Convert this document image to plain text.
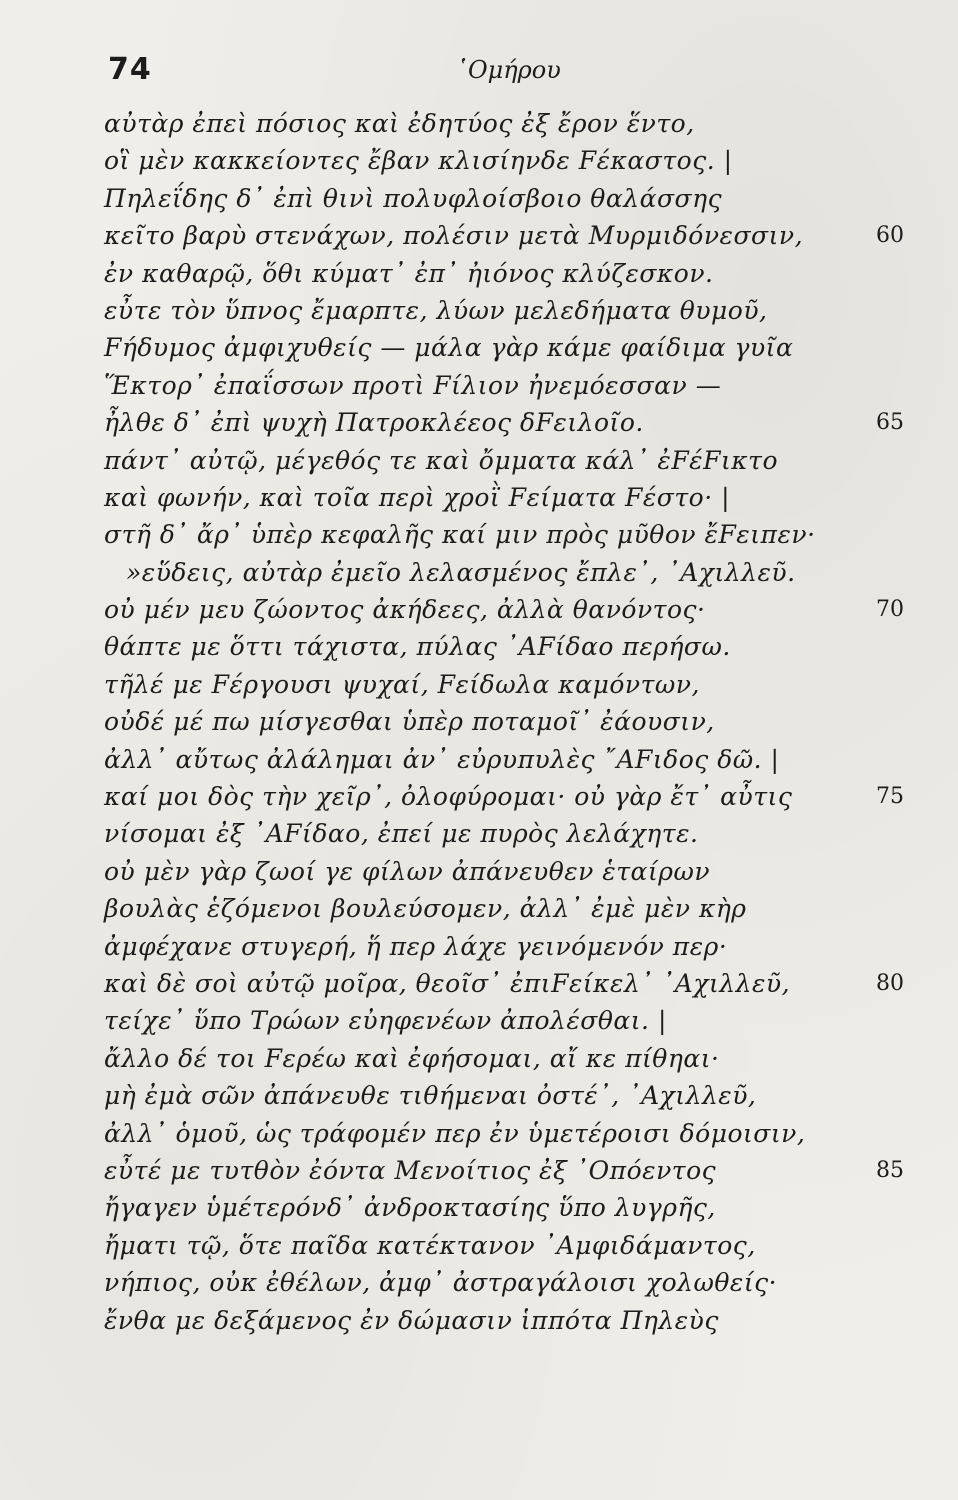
74	῾Ομήρου
αὐτὰρ ἐπεὶ πόσιος καὶ ἐδητύος ἐξ ἔρον ἕντο,
οἳ μὲν κακκείοντες ἔβαν κλισίηνδε Fέκαστος. |
Πηλεΐδης δ᾿ ἐπὶ θινὶ πολυφλοίσβοιο θαλάσσης
κεῖτο βαρὺ στενάχων, πολέσιν μετὰ Μυρμιδόνεσσιν,	60
ἐν καθαρῷ, ὅθι κύματ᾿ ἐπ᾿ ἠιόνος κλύζεσκον.
εὖτε τὸν ὕπνος ἔμαρπτε, λύων μελεδήματα θυμοῦ,
Fήδυμος ἀμφιχυθείς — μάλα γὰρ κάμε φαίδιμα γυῖα
Ἕκτορ᾿ ἐπαΐσσων προτὶ Fίλιον ἠνεμόεσσαν —
ἦλθε δ᾿ ἐπὶ ψυχὴ Πατροκλέεος δFειλοῖο.	65
πάντ᾿ αὐτῷ, μέγεθός τε καὶ ὄμματα κάλ᾿ ἐFέFικτο
καὶ φωνήν, καὶ τοῖα περὶ χροῒ Fείματα Fέστο· |
στῆ δ᾿ ἄρ᾿ ὑπὲρ κεφαλῆς καί μιν πρὸς μῦθον ἔFειπεν·
»εὕδεις, αὐτὰρ ἐμεῖο λελασμένος ἔπλε᾿, ᾿Αχιλλεῦ.
οὐ μέν μευ ζώοντος ἀκήδεες, ἀλλὰ θανόντος·	70
θάπτε με ὅττι τάχιστα, πύλας ᾿AFίδαο περήσω.
τῆλέ με Fέργουσι ψυχαί, Fείδωλα καμόντων,
οὐδέ μέ πω μίσγεσθαι ὑπὲρ ποταμοῖ᾿ ἐάουσιν,
ἀλλ᾿ αὔτως ἀλάλημαι ἀν᾿ εὐρυπυλὲς ῎AFιδος δῶ. |
καί μοι δὸς τὴν χεῖρ᾿, ὀλοφύρομαι· οὐ γὰρ ἔτ᾿ αὖτις	75
νίσομαι ἐξ ᾿AFίδαο, ἐπεί με πυρὸς λελάχητε.
οὐ μὲν γὰρ ζωοί γε φίλων ἀπάνευθεν ἑταίρων
βουλὰς ἑζόμενοι βουλεύσομεν, ἀλλ᾿ ἐμὲ μὲν κὴρ
ἀμφέχανε στυγερή, ἥ περ λάχε γεινόμενόν περ·
καὶ δὲ σοὶ αὐτῷ μοῖρα, θεοῖσ᾿ ἐπιFείκελ᾿ ᾿Αχιλλεῦ,	80
τείχε᾿ ὕπο Τρώων εὐηφενέων ἀπολέσθαι. |
ἄλλο δέ τοι Fερέω καὶ ἐφήσομαι, αἴ κε πίθηαι·
μὴ ἐμὰ σῶν ἀπάνευθε τιθήμεναι ὀστέ᾿, ᾿Αχιλλεῦ,
ἀλλ᾿ ὁμοῦ, ὡς τράφομέν περ ἐν ὑμετέροισι δόμοισιν,
εὖτέ με τυτθὸν ἐόντα Μενοίτιος ἐξ ᾿Οπόεντος	85
ἤγαγεν ὑμέτερόνδ᾿ ἀνδροκτασίης ὕπο λυγρῆς,
ἤματι τῷ, ὅτε παῖδα κατέκτανον ᾿Αμφιδάμαντος,
νήπιος, οὐκ ἐθέλων, ἀμφ᾿ ἀστραγάλοισι χολωθείς·
ἔνθα με δεξάμενος ἐν δώμασιν ἱππότα Πηλεὺς
